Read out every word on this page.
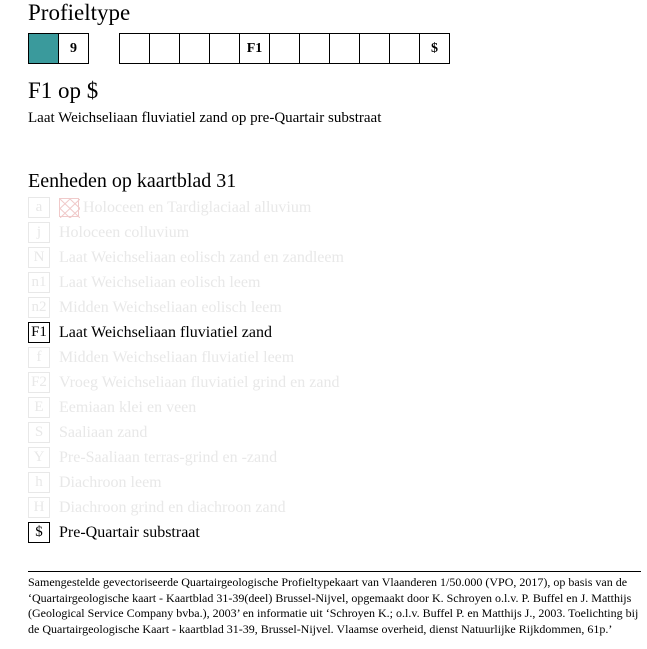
Profieltype
9	F1	$
F1 op $
Laat Weichseliaan fluviatiel zand op pre-Quartair substraat
Eenheden op kaartblad 31
a	Holoceen en Tardiglaciaal alluvium
j	Holoceen colluvium
N Laat Weichseliaan eolisch zand en zandleem
n1 Laat Weichseliaan eolisch leem
n2 Midden Weichseliaan eolisch leem
F1 Laat Weichseliaan fluviatiel zand
f	Midden Weichseliaan fluviatiel leem
F2 Vroeg Weichseliaan fluviatiel grind en zand
E Eemiaan klei en veen
S Saaliaan zand
Y Pre-Saaliaan terras-grind en -zand
h	Diachroon leem
H Diachroon grind en diachroon zand
$	Pre-Quartair substraat
Samengestelde gevectoriseerde Quartairgeologische Profieltypekaart van Vlaanderen 1/50.000 (VPO, 2017), op basis van de ‘Quartairgeologische kaart - Kaartblad 31-39(deel) Brussel-Nijvel, opgemaakt door K. Schroyen o.l.v. P. Buffel en J. Matthijs (Geological Service Company bvba.), 2003’ en informatie uit ‘Schroyen K.; o.l.v. Buffel P. en Matthijs J., 2003. Toelichting bij de Quartairgeologische Kaart - kaartblad 31-39, Brussel-Nijvel. Vlaamse overheid, dienst Natuurlijke Rijkdommen, 61p.’
